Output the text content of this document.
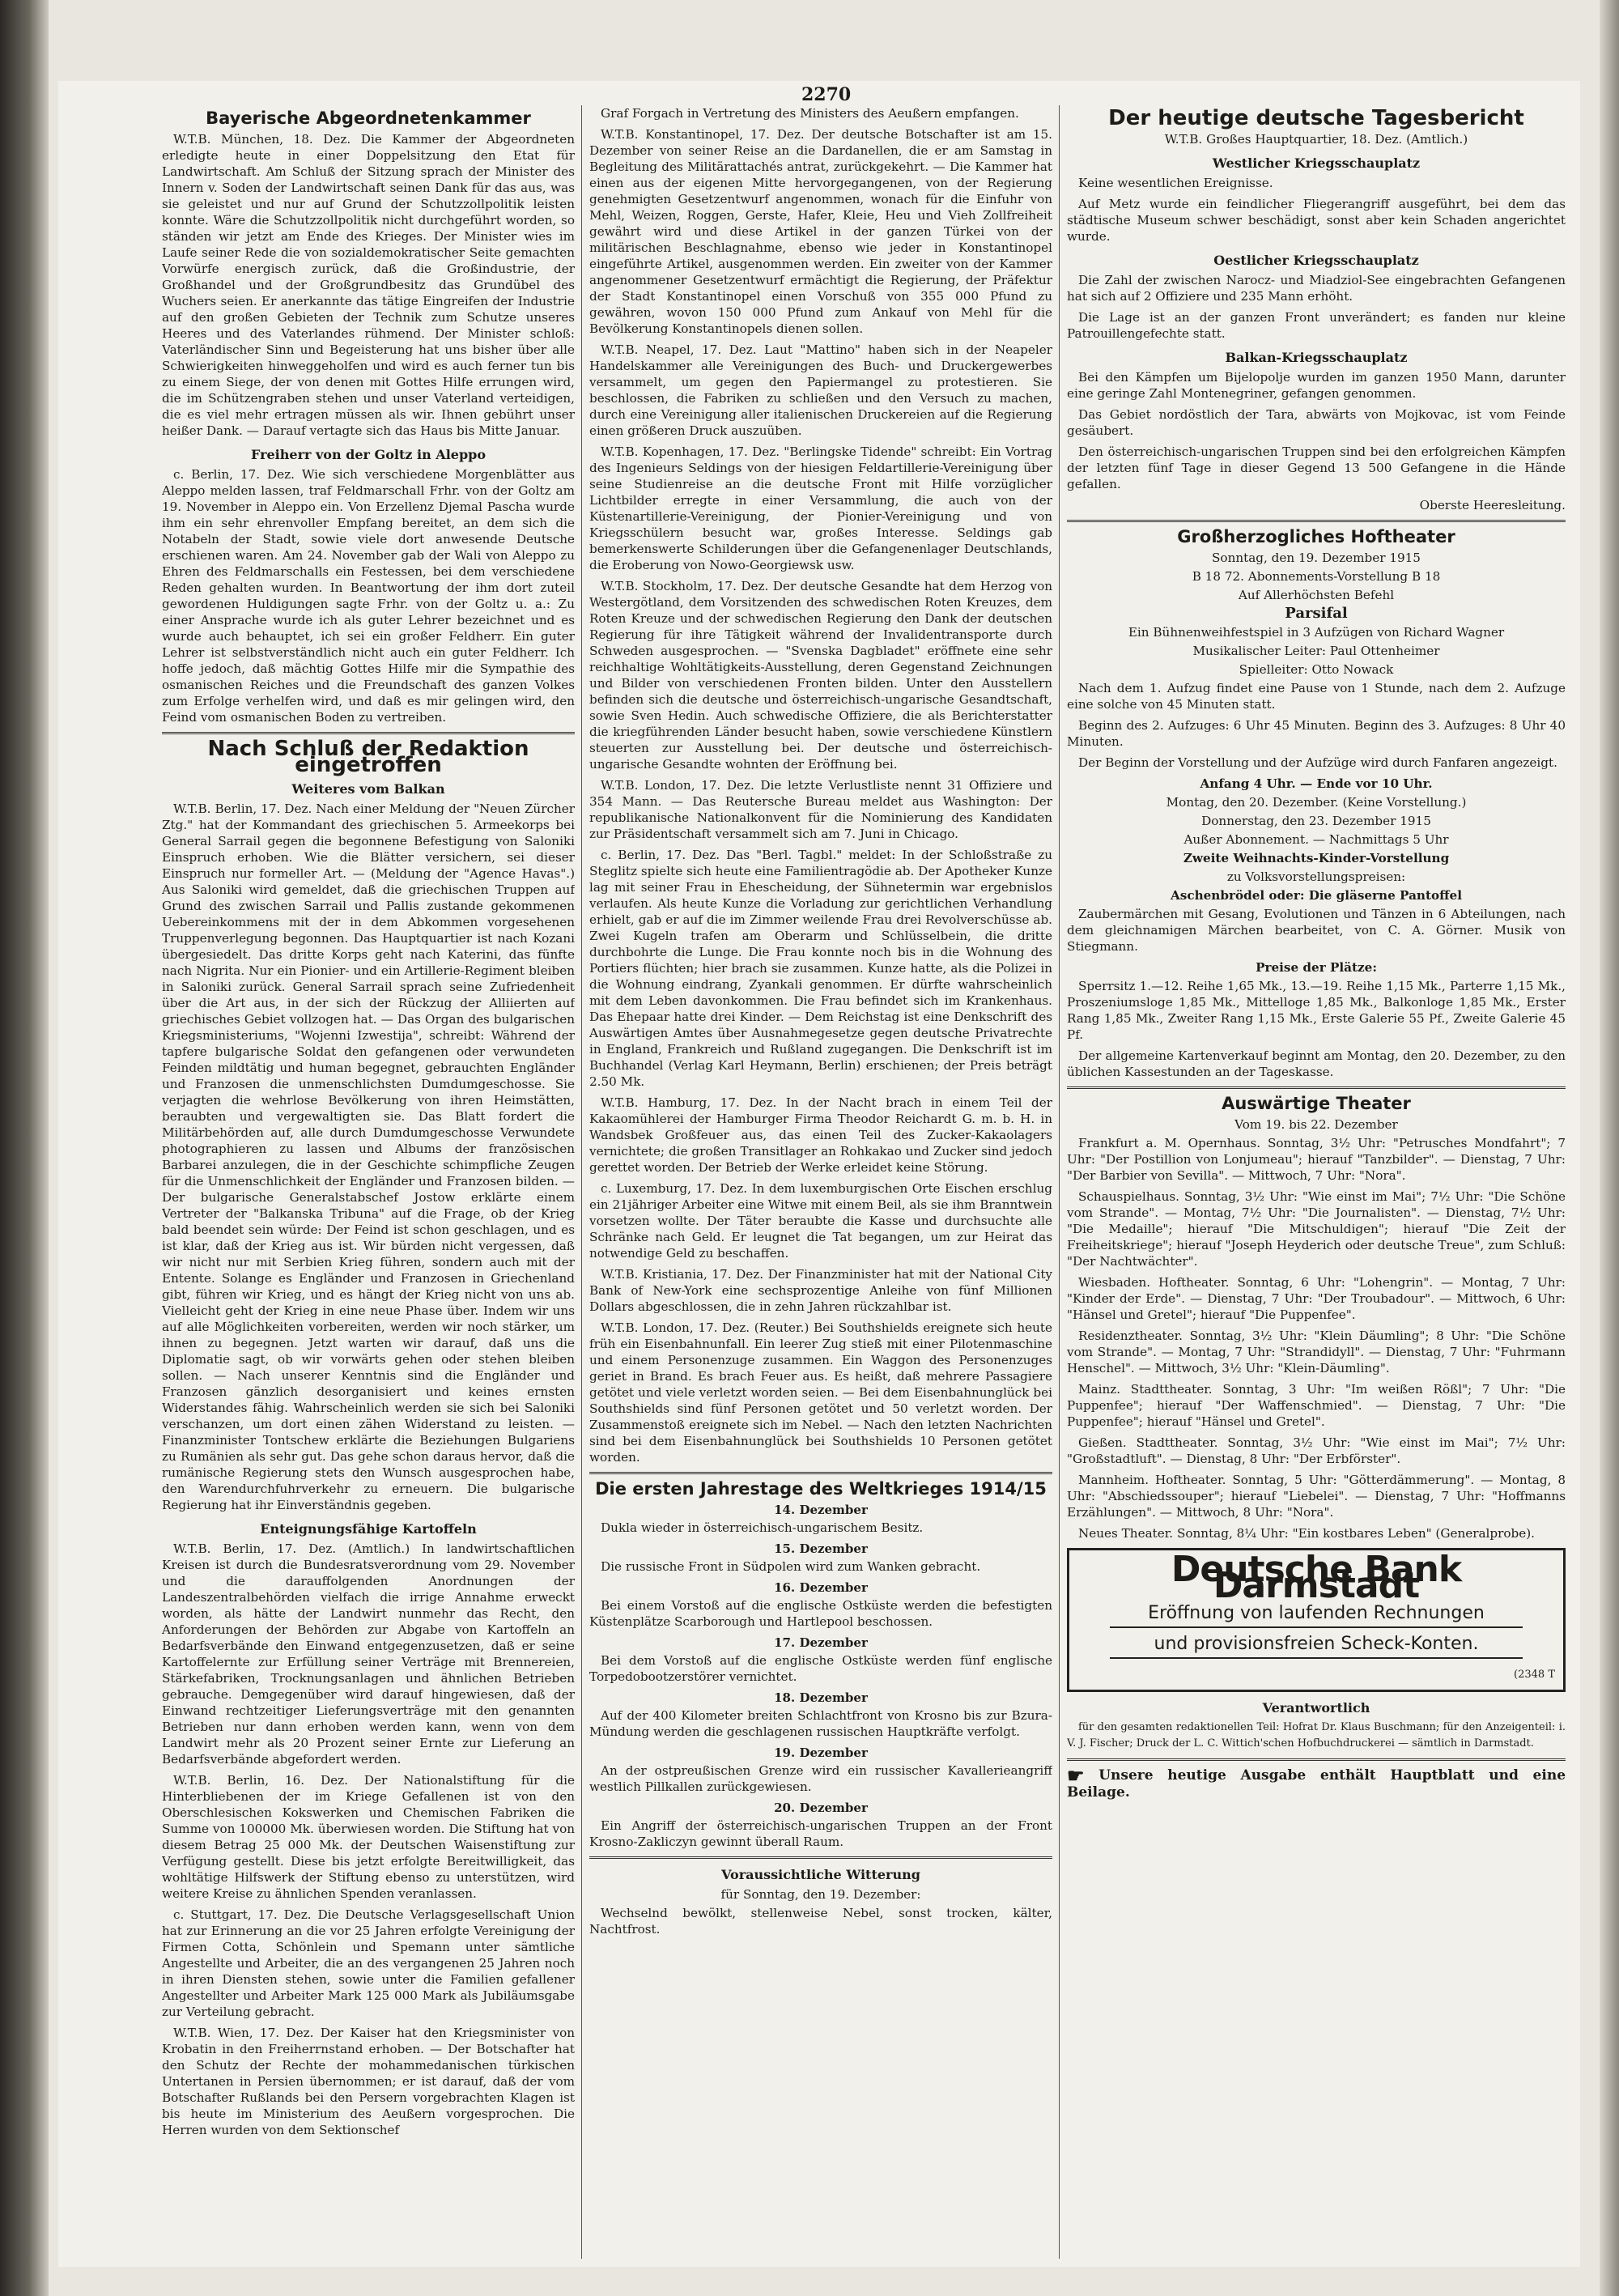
2270
Bayerische Abgeordnetenkammer

W.T.B. München, 18. Dez. Die Kammer der Abgeordneten erledigte heute in einer Doppelsitzung den Etat für Landwirtschaft. Am Schluß der Sitzung sprach der Minister des Innern v. Soden der Landwirtschaft seinen Dank für das aus, was sie geleistet und nur auf Grund der Schutzzollpolitik leisten konnte. Wäre die Schutzzollpolitik nicht durchgeführt worden, so ständen wir jetzt am Ende des Krieges. Der Minister wies im Laufe seiner Rede die von sozialdemokratischer Seite gemachten Vorwürfe energisch zurück, daß die Großindustrie, der Großhandel und der Großgrundbesitz das Grundübel des Wuchers seien. Er anerkannte das tätige Eingreifen der Industrie auf den großen Gebieten der Technik zum Schutze unseres Heeres und des Vaterlandes rühmend. Der Minister schloß: Vaterländischer Sinn und Begeisterung hat uns bisher über alle Schwierigkeiten hinweggeholfen und wird es auch ferner tun bis zu einem Siege, der von denen mit Gottes Hilfe errungen wird, die im Schützengraben stehen und unser Vaterland verteidigen, die es viel mehr ertragen müssen als wir. Ihnen gebührt unser heißer Dank. — Darauf vertagte sich das Haus bis Mitte Januar.

Freiherr von der Goltz in Aleppo

c. Berlin, 17. Dez. Wie sich verschiedene Morgenblätter aus Aleppo melden lassen, traf Feldmarschall Frhr. von der Goltz am 19. November in Aleppo ein. Von Erzellenz Djemal Pascha wurde ihm ein sehr ehrenvoller Empfang bereitet, an dem sich die Notabeln der Stadt, sowie viele dort anwesende Deutsche erschienen waren. Am 24. November gab der Wali von Aleppo zu Ehren des Feldmarschalls ein Festessen, bei dem verschiedene Reden gehalten wurden. In Beantwortung der ihm dort zuteil gewordenen Huldigungen sagte Frhr. von der Goltz u. a.: Zu einer Ansprache wurde ich als guter Lehrer bezeichnet und es wurde auch behauptet, ich sei ein großer Feldherr. Ein guter Lehrer ist selbstverständlich nicht auch ein guter Feldherr. Ich hoffe jedoch, daß mächtig Gottes Hilfe mir die Sympathie des osmanischen Reiches und die Freundschaft des ganzen Volkes zum Erfolge verhelfen wird, und daß es mir gelingen wird, den Feind vom osmanischen Boden zu vertreiben.

Nach Schluß der Redaktion eingetroffen
Weiteres vom Balkan

W.T.B. Berlin, 17. Dez. Nach einer Meldung der "Neuen Zürcher Ztg." hat der Kommandant des griechischen 5. Armeekorps bei General Sarrail gegen die begonnene Befestigung von Saloniki Einspruch erhoben. Wie die Blätter versichern, sei dieser Einspruch nur formeller Art. — (Meldung der "Agence Havas".) Aus Saloniki wird gemeldet, daß die griechischen Truppen auf Grund des zwischen Sarrail und Pallis zustande gekommenen Uebereinkommens mit der in dem Abkommen vorgesehenen Truppenverlegung begonnen. Das Hauptquartier ist nach Kozani übergesiedelt. Das dritte Korps geht nach Katerini, das fünfte nach Nigrita. Nur ein Pionier- und ein Artillerie-Regiment bleiben in Saloniki zurück. General Sarrail sprach seine Zufriedenheit über die Art aus, in der sich der Rückzug der Alliierten auf griechisches Gebiet vollzogen hat. — Das Organ des bulgarischen Kriegsministeriums, "Wojenni Izwestija", schreibt: Während der tapfere bulgarische Soldat den gefangenen oder verwundeten Feinden mildtätig und human begegnet, gebrauchten Engländer und Franzosen die unmenschlichsten Dumdumgeschosse. Sie verjagten die wehrlose Bevölkerung von ihren Heimstätten, beraubten und vergewaltigten sie. Das Blatt fordert die Militärbehörden auf, alle durch Dumdumgeschosse Verwundete photographieren zu lassen und Albums der französischen Barbarei anzulegen, die in der Geschichte schimpfliche Zeugen für die Unmenschlichkeit der Engländer und Franzosen bilden. — Der bulgarische Generalstabschef Jostow erklärte einem Vertreter der "Balkanska Tribuna" auf die Frage, ob der Krieg bald beendet sein würde: Der Feind ist schon geschlagen, und es ist klar, daß der Krieg aus ist. Wir bürden nicht vergessen, daß wir nicht nur mit Serbien Krieg führen, sondern auch mit der Entente. Solange es Engländer und Franzosen in Griechenland gibt, führen wir Krieg, und es hängt der Krieg nicht von uns ab. Vielleicht geht der Krieg in eine neue Phase über. Indem wir uns auf alle Möglichkeiten vorbereiten, werden wir noch stärker, um ihnen zu begegnen. Jetzt warten wir darauf, daß uns die Diplomatie sagt, ob wir vorwärts gehen oder stehen bleiben sollen. — Nach unserer Kenntnis sind die Engländer und Franzosen gänzlich desorganisiert und keines ernsten Widerstandes fähig. Wahrscheinlich werden sie sich bei Saloniki verschanzen, um dort einen zähen Widerstand zu leisten. — Finanzminister Tontschew erklärte die Beziehungen Bulgariens zu Rumänien als sehr gut. Das gehe schon daraus hervor, daß die rumänische Regierung stets den Wunsch ausgesprochen habe, den Warendurchfuhrverkehr zu erneuern. Die bulgarische Regierung hat ihr Einverständnis gegeben.

Enteignungsfähige Kartoffeln

W.T.B. Berlin, 17. Dez. (Amtlich.) In landwirtschaftlichen Kreisen ist durch die Bundesratsverordnung vom 29. November und die darauffolgenden Anordnungen der Landeszentralbehörden vielfach die irrige Annahme erweckt worden, als hätte der Landwirt nunmehr das Recht, den Anforderungen der Behörden zur Abgabe von Kartoffeln an Bedarfsverbände den Einwand entgegenzusetzen, daß er seine Kartoffelernte zur Erfüllung seiner Verträge mit Brennereien, Stärkefabriken, Trocknungsanlagen und ähnlichen Betrieben gebrauche. Demgegenüber wird darauf hingewiesen, daß der Einwand rechtzeitiger Lieferungsverträge mit den genannten Betrieben nur dann erhoben werden kann, wenn von dem Landwirt mehr als 20 Prozent seiner Ernte zur Lieferung an Bedarfsverbände abgefordert werden.

W.T.B. Berlin, 16. Dez. Der Nationalstiftung für die Hinterbliebenen der im Kriege Gefallenen ist von den Oberschlesischen Kokswerken und Chemischen Fabriken die Summe von 100000 Mk. überwiesen worden. Die Stiftung hat von diesem Betrag 25 000 Mk. der Deutschen Waisenstiftung zur Verfügung gestellt. Diese bis jetzt erfolgte Bereitwilligkeit, das wohltätige Hilfswerk der Stiftung ebenso zu unterstützen, wird weitere Kreise zu ähnlichen Spenden veranlassen.

c. Stuttgart, 17. Dez. Die Deutsche Verlagsgesellschaft Union hat zur Erinnerung an die vor 25 Jahren erfolgte Vereinigung der Firmen Cotta, Schönlein und Spemann unter sämtliche Angestellte und Arbeiter, die an des vergangenen 25 Jahren noch in ihren Diensten stehen, sowie unter die Familien gefallener Angestellter und Arbeiter Mark 125 000 Mark als Jubiläumsgabe zur Verteilung gebracht.

W.T.B. Wien, 17. Dez. Der Kaiser hat den Kriegsminister von Krobatin in den Freiherrnstand erhoben. — Der Botschafter hat den Schutz der Rechte der mohammedanischen türkischen Untertanen in Persien übernommen; er ist darauf, daß der vom Botschafter Rußlands bei den Persern vorgebrachten Klagen ist bis heute im Ministerium des Aeußern vorgesprochen. Die Herren wurden von dem Sektionschef

Graf Forgach in Vertretung des Ministers des Aeußern empfangen.

W.T.B. Konstantinopel, 17. Dez. Der deutsche Botschafter ist am 15. Dezember von seiner Reise an die Dardanellen, die er am Samstag in Begleitung des Militärattachés antrat, zurückgekehrt. — Die Kammer hat einen aus der eigenen Mitte hervorgegangenen, von der Regierung genehmigten Gesetzentwurf angenommen, wonach für die Einfuhr von Mehl, Weizen, Roggen, Gerste, Hafer, Kleie, Heu und Vieh Zollfreiheit gewährt wird und diese Artikel in der ganzen Türkei von der militärischen Beschlagnahme, ebenso wie jeder in Konstantinopel eingeführte Artikel, ausgenommen werden. Ein zweiter von der Kammer angenommener Gesetzentwurf ermächtigt die Regierung, der Präfektur der Stadt Konstantinopel einen Vorschuß von 355 000 Pfund zu gewähren, wovon 150 000 Pfund zum Ankauf von Mehl für die Bevölkerung Konstantinopels dienen sollen.

W.T.B. Neapel, 17. Dez. Laut "Mattino" haben sich in der Neapeler Handelskammer alle Vereinigungen des Buch- und Druckergewerbes versammelt, um gegen den Papiermangel zu protestieren. Sie beschlossen, die Fabriken zu schließen und den Versuch zu machen, durch eine Vereinigung aller italienischen Druckereien auf die Regierung einen größeren Druck auszuüben.

W.T.B. Kopenhagen, 17. Dez. "Berlingske Tidende" schreibt: Ein Vortrag des Ingenieurs Seldings von der hiesigen Feldartillerie-Vereinigung über seine Studienreise an die deutsche Front mit Hilfe vorzüglicher Lichtbilder erregte in einer Versammlung, die auch von der Küstenartillerie-Vereinigung, der Pionier-Vereinigung und von Kriegsschülern besucht war, großes Interesse. Seldings gab bemerkenswerte Schilderungen über die Gefangenenlager Deutschlands, die Eroberung von Nowo-Georgiewsk usw.

W.T.B. Stockholm, 17. Dez. Der deutsche Gesandte hat dem Herzog von Westergötland, dem Vorsitzenden des schwedischen Roten Kreuzes, dem Roten Kreuze und der schwedischen Regierung den Dank der deutschen Regierung für ihre Tätigkeit während der Invalidentransporte durch Schweden ausgesprochen. — "Svenska Dagbladet" eröffnete eine sehr reichhaltige Wohltätigkeits-Ausstellung, deren Gegenstand Zeichnungen und Bilder von verschiedenen Fronten bilden. Unter den Ausstellern befinden sich die deutsche und österreichisch-ungarische Gesandtschaft, sowie Sven Hedin. Auch schwedische Offiziere, die als Berichterstatter die kriegführenden Länder besucht haben, sowie verschiedene Künstlern steuerten zur Ausstellung bei. Der deutsche und österreichisch-ungarische Gesandte wohnten der Eröffnung bei.

W.T.B. London, 17. Dez. Die letzte Verlustliste nennt 31 Offiziere und 354 Mann. — Das Reutersche Bureau meldet aus Washington: Der republikanische Nationalkonvent für die Nominierung des Kandidaten zur Präsidentschaft versammelt sich am 7. Juni in Chicago.

c. Berlin, 17. Dez. Das "Berl. Tagbl." meldet: In der Schloßstraße zu Steglitz spielte sich heute eine Familientragödie ab. Der Apotheker Kunze lag mit seiner Frau in Ehescheidung, der Sühnetermin war ergebnislos verlaufen. Als heute Kunze die Vorladung zur gerichtlichen Verhandlung erhielt, gab er auf die im Zimmer weilende Frau drei Revolverschüsse ab. Zwei Kugeln trafen am Oberarm und Schlüsselbein, die dritte durchbohrte die Lunge. Die Frau konnte noch bis in die Wohnung des Portiers flüchten; hier brach sie zusammen. Kunze hatte, als die Polizei in die Wohnung eindrang, Zyankali genommen. Er dürfte wahrscheinlich mit dem Leben davonkommen. Die Frau befindet sich im Krankenhaus. Das Ehepaar hatte drei Kinder. — Dem Reichstag ist eine Denkschrift des Auswärtigen Amtes über Ausnahmegesetze gegen deutsche Privatrechte in England, Frankreich und Rußland zugegangen. Die Denkschrift ist im Buchhandel (Verlag Karl Heymann, Berlin) erschienen; der Preis beträgt 2.50 Mk.

W.T.B. Hamburg, 17. Dez. In der Nacht brach in einem Teil der Kakaomühlerei der Hamburger Firma Theodor Reichardt G. m. b. H. in Wandsbek Großfeuer aus, das einen Teil des Zucker-Kakaolagers vernichtete; die großen Transitlager an Rohkakao und Zucker sind jedoch gerettet worden. Der Betrieb der Werke erleidet keine Störung.

c. Luxemburg, 17. Dez. In dem luxemburgischen Orte Eischen erschlug ein 21jähriger Arbeiter eine Witwe mit einem Beil, als sie ihm Branntwein vorsetzen wollte. Der Täter beraubte die Kasse und durchsuchte alle Schränke nach Geld. Er leugnet die Tat begangen, um zur Heirat das notwendige Geld zu beschaffen.

W.T.B. Kristiania, 17. Dez. Der Finanzminister hat mit der National City Bank of New-York eine sechsprozentige Anleihe von fünf Millionen Dollars abgeschlossen, die in zehn Jahren rückzahlbar ist.

W.T.B. London, 17. Dez. (Reuter.) Bei Southshields ereignete sich heute früh ein Eisenbahnunfall. Ein leerer Zug stieß mit einer Pilotenmaschine und einem Personenzuge zusammen. Ein Waggon des Personenzuges geriet in Brand. Es brach Feuer aus. Es heißt, daß mehrere Passagiere getötet und viele verletzt worden seien. — Bei dem Eisenbahnunglück bei Southshields sind fünf Personen getötet und 50 verletzt worden. Der Zusammenstoß ereignete sich im Nebel. — Nach den letzten Nachrichten sind bei dem Eisenbahnunglück bei Southshields 10 Personen getötet worden.

Die ersten Jahrestage des Weltkrieges 1914/15
14. Dezember

Dukla wieder in österreichisch-ungarischem Besitz.

15. Dezember

Die russische Front in Südpolen wird zum Wanken gebracht.

16. Dezember

Bei einem Vorstoß auf die englische Ostküste werden die befestigten Küstenplätze Scarborough und Hartlepool beschossen.

17. Dezember

Bei dem Vorstoß auf die englische Ostküste werden fünf englische Torpedobootzerstörer vernichtet.

18. Dezember

Auf der 400 Kilometer breiten Schlachtfront von Krosno bis zur Bzura-Mündung werden die geschlagenen russischen Hauptkräfte verfolgt.

19. Dezember

An der ostpreußischen Grenze wird ein russischer Kavallerieangriff westlich Pillkallen zurückgewiesen.

20. Dezember

Ein Angriff der österreichisch-ungarischen Truppen an der Front Krosno-Zakliczyn gewinnt überall Raum.

Voraussichtliche Witterung

für Sonntag, den 19. Dezember:

Wechselnd bewölkt, stellenweise Nebel, sonst trocken, kälter, Nachtfrost.

Der heutige deutsche Tagesbericht

W.T.B. Großes Hauptquartier, 18. Dez. (Amtlich.)

Westlicher Kriegsschauplatz

Keine wesentlichen Ereignisse.

Auf Metz wurde ein feindlicher Fliegerangriff ausgeführt, bei dem das städtische Museum schwer beschädigt, sonst aber kein Schaden angerichtet wurde.

Oestlicher Kriegsschauplatz

Die Zahl der zwischen Narocz- und Miadziol-See eingebrachten Gefangenen hat sich auf 2 Offiziere und 235 Mann erhöht.

Die Lage ist an der ganzen Front unverändert; es fanden nur kleine Patrouillengefechte statt.

Balkan-Kriegsschauplatz

Bei den Kämpfen um Bijelopolje wurden im ganzen 1950 Mann, darunter eine geringe Zahl Montenegriner, gefangen genommen.

Das Gebiet nordöstlich der Tara, abwärts von Mojkovac, ist vom Feinde gesäubert.

Den österreichisch-ungarischen Truppen sind bei den erfolgreichen Kämpfen der letzten fünf Tage in dieser Gegend 13 500 Gefangene in die Hände gefallen.

Oberste Heeresleitung.

Großherzogliches Hoftheater

Sonntag, den 19. Dezember 1915

B 18 72. Abonnements-Vorstellung B 18

Auf Allerhöchsten Befehl

Parsifal

Ein Bühnenweihfestspiel in 3 Aufzügen von Richard Wagner

Musikalischer Leiter: Paul Ottenheimer

Spielleiter: Otto Nowack

Nach dem 1. Aufzug findet eine Pause von 1 Stunde, nach dem 2. Aufzuge eine solche von 45 Minuten statt.

Beginn des 2. Aufzuges: 6 Uhr 45 Minuten. Beginn des 3. Aufzuges: 8 Uhr 40 Minuten.

Der Beginn der Vorstellung und der Aufzüge wird durch Fanfaren angezeigt.

Anfang 4 Uhr. — Ende vor 10 Uhr.

Montag, den 20. Dezember. (Keine Vorstellung.)

Donnerstag, den 23. Dezember 1915

Außer Abonnement. — Nachmittags 5 Uhr

Zweite Weihnachts-Kinder-Vorstellung

zu Volksvorstellungspreisen:

Aschenbrödel oder: Die gläserne Pantoffel

Zaubermärchen mit Gesang, Evolutionen und Tänzen in 6 Abteilungen, nach dem gleichnamigen Märchen bearbeitet, von C. A. Görner. Musik von Stiegmann.

Preise der Plätze:

Sperrsitz 1.—12. Reihe 1,65 Mk., 13.—19. Reihe 1,15 Mk., Parterre 1,15 Mk., Proszeniumsloge 1,85 Mk., Mittelloge 1,85 Mk., Balkonloge 1,85 Mk., Erster Rang 1,85 Mk., Zweiter Rang 1,15 Mk., Erste Galerie 55 Pf., Zweite Galerie 45 Pf.

Der allgemeine Kartenverkauf beginnt am Montag, den 20. Dezember, zu den üblichen Kassestunden an der Tageskasse.

Auswärtige Theater

Vom 19. bis 22. Dezember

Frankfurt a. M. Opernhaus. Sonntag, 3½ Uhr: "Petrusches Mondfahrt"; 7 Uhr: "Der Postillion von Lonjumeau"; hierauf "Tanzbilder". — Dienstag, 7 Uhr: "Der Barbier von Sevilla". — Mittwoch, 7 Uhr: "Nora".

Schauspielhaus. Sonntag, 3½ Uhr: "Wie einst im Mai"; 7½ Uhr: "Die Schöne vom Strande". — Montag, 7½ Uhr: "Die Journalisten". — Dienstag, 7½ Uhr: "Die Medaille"; hierauf "Die Mitschuldigen"; hierauf "Die Zeit der Freiheitskriege"; hierauf "Joseph Heyderich oder deutsche Treue", zum Schluß: "Der Nachtwächter".

Wiesbaden. Hoftheater. Sonntag, 6 Uhr: "Lohengrin". — Montag, 7 Uhr: "Kinder der Erde". — Dienstag, 7 Uhr: "Der Troubadour". — Mittwoch, 6 Uhr: "Hänsel und Gretel"; hierauf "Die Puppenfee".

Residenztheater. Sonntag, 3½ Uhr: "Klein Däumling"; 8 Uhr: "Die Schöne vom Strande". — Montag, 7 Uhr: "Strandidyll". — Dienstag, 7 Uhr: "Fuhrmann Henschel". — Mittwoch, 3½ Uhr: "Klein-Däumling".

Mainz. Stadttheater. Sonntag, 3 Uhr: "Im weißen Rößl"; 7 Uhr: "Die Puppenfee"; hierauf "Der Waffenschmied". — Dienstag, 7 Uhr: "Die Puppenfee"; hierauf "Hänsel und Gretel".

Gießen. Stadttheater. Sonntag, 3½ Uhr: "Wie einst im Mai"; 7½ Uhr: "Großstadtluft". — Dienstag, 8 Uhr: "Der Erbförster".

Mannheim. Hoftheater. Sonntag, 5 Uhr: "Götterdämmerung". — Montag, 8 Uhr: "Abschiedssouper"; hierauf "Liebelei". — Dienstag, 7 Uhr: "Hoffmanns Erzählungen". — Mittwoch, 8 Uhr: "Nora".

Neues Theater. Sonntag, 8¼ Uhr: "Ein kostbares Leben" (Generalprobe).

Deutsche Bank Darmstadt
Eröffnung von laufenden Rechnungen
und provisionsfreien Scheck-Konten.
(2348 T
Verantwortlich

für den gesamten redaktionellen Teil: Hofrat Dr. Klaus Buschmann; für den Anzeigenteil: i. V. J. Fischer; Druck der L. C. Wittich'schen Hofbuchdruckerei — sämtlich in Darmstadt.

☛ Unsere heutige Ausgabe enthält Hauptblatt und eine Beilage.
